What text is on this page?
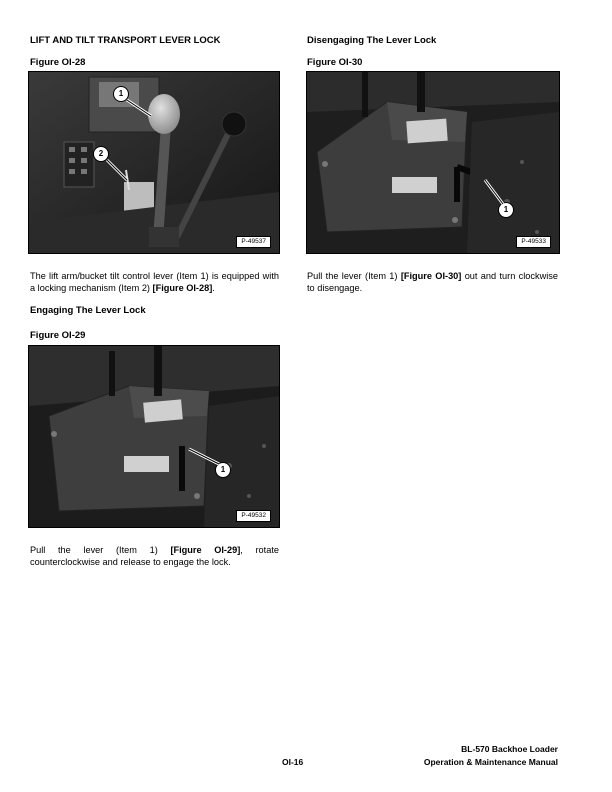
LIFT AND TILT TRANSPORT LEVER LOCK
Figure OI-28
1
2
P-49537
The lift arm/bucket tilt control lever (Item 1) is equipped with a locking mechanism (Item 2) [Figure OI-28].
Engaging The Lever Lock
Figure OI-29
1
P-49532
Pull the lever (Item 1) [Figure OI-29], rotate counterclockwise and release to engage the lock.
Disengaging The Lever Lock
Figure OI-30
1
P-49533
Pull the lever (Item 1) [Figure OI-30] out and turn clockwise to disengage.
OI-16
BL-570 Backhoe Loader
Operation & Maintenance Manual
